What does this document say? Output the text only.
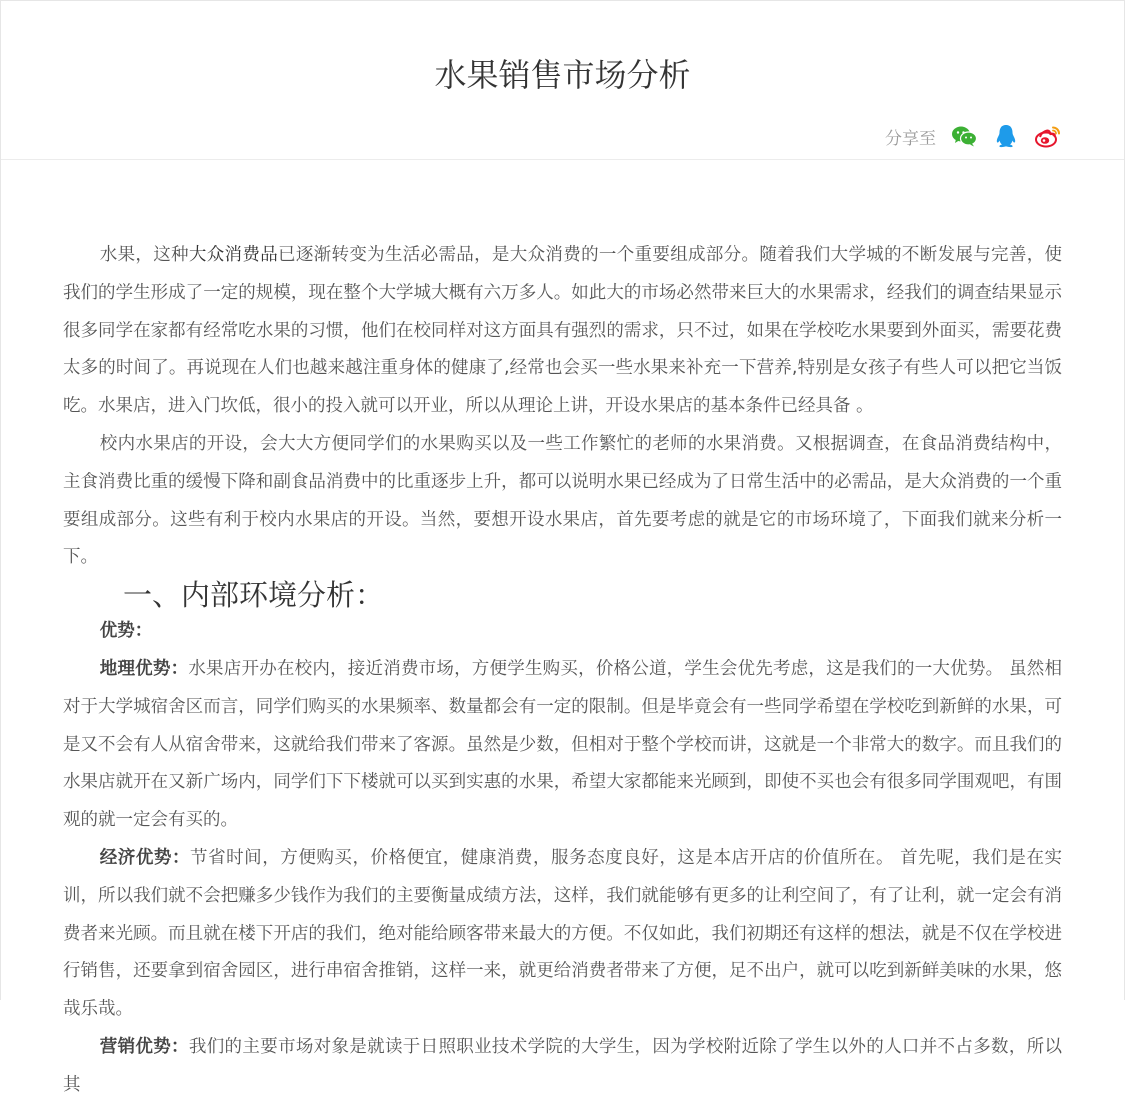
水果销售市场分析
分享至

水果，这种大众消费品已逐渐转变为生活必需品，是大众消费的一个重要组成部分。随着我们大学城的不断发展与完善，使我们的学生形成了一定的规模，现在整个大学城大概有六万多人。如此大的市场必然带来巨大的水果需求，经我们的调查结果显示很多同学在家都有经常吃水果的习惯，他们在校同样对这方面具有强烈的需求，只不过，如果在学校吃水果要到外面买，需要花费太多的时间了。再说现在人们也越来越注重身体的健康了,经常也会买一些水果来补充一下营养,特别是女孩子有些人可以把它当饭吃。水果店，进入门坎低，很小的投入就可以开业，所以从理论上讲，开设水果店的基本条件已经具备 。

校内水果店的开设，会大大方便同学们的水果购买以及一些工作繁忙的老师的水果消费。又根据调查，在食品消费结构中，主食消费比重的缓慢下降和副食品消费中的比重逐步上升，都可以说明水果已经成为了日常生活中的必需品，是大众消费的一个重要组成部分。这些有利于校内水果店的开设。当然，要想开设水果店，首先要考虑的就是它的市场环境了，下面我们就来分析一下。

一、内部环境分析：

优势：

地理优势：水果店开办在校内，接近消费市场，方便学生购买，价格公道，学生会优先考虑，这是我们的一大优势。 虽然相对于大学城宿舍区而言，同学们购买的水果频率、数量都会有一定的限制。但是毕竟会有一些同学希望在学校吃到新鲜的水果，可是又不会有人从宿舍带来，这就给我们带来了客源。虽然是少数，但相对于整个学校而讲，这就是一个非常大的数字。而且我们的水果店就开在又新广场内，同学们下下楼就可以买到实惠的水果，希望大家都能来光顾到，即使不买也会有很多同学围观吧，有围观的就一定会有买的。

经济优势：节省时间，方便购买，价格便宜，健康消费，服务态度良好，这是本店开店的价值所在。 首先呢，我们是在实训，所以我们就不会把赚多少钱作为我们的主要衡量成绩方法，这样，我们就能够有更多的让利空间了，有了让利，就一定会有消费者来光顾。而且就在楼下开店的我们，绝对能给顾客带来最大的方便。不仅如此，我们初期还有这样的想法，就是不仅在学校进行销售，还要拿到宿舍园区，进行串宿舍推销，这样一来，就更给消费者带来了方便，足不出户，就可以吃到新鲜美味的水果，悠哉乐哉。

营销优势：我们的主要市场对象是就读于日照职业技术学院的大学生，因为学校附近除了学生以外的人口并不占多数，所以其
